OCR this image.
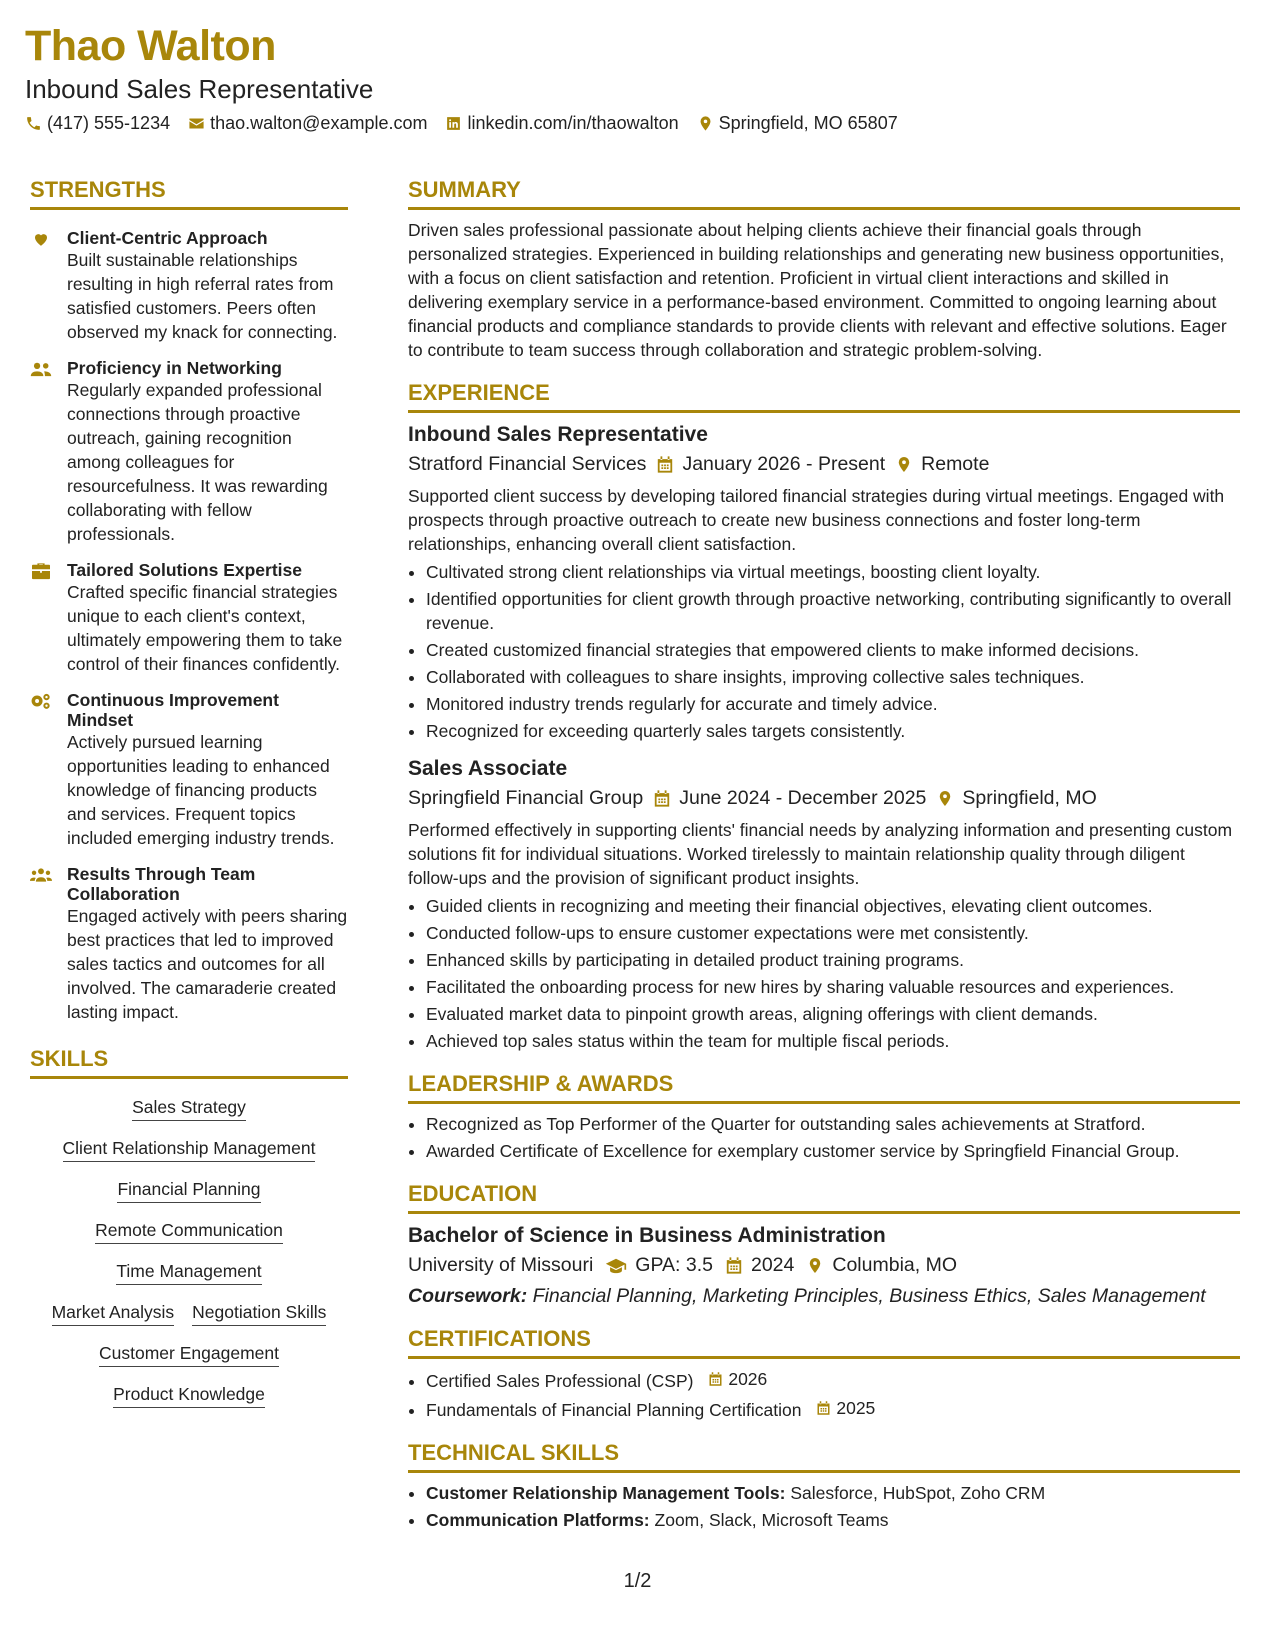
Thao Walton
Inbound Sales Representative
(417) 555-1234 thao.walton@example.com linkedin.com/in/thaowalton Springfield, MO 65807
STRENGTHS
Client-Centric Approach
Built sustainable relationships resulting in high referral rates from satisfied customers. Peers often observed my knack for connecting.
Proficiency in Networking
Regularly expanded professional connections through proactive outreach, gaining recognition among colleagues for resourcefulness. It was rewarding collaborating with fellow professionals.
Tailored Solutions Expertise
Crafted specific financial strategies unique to each client's context, ultimately empowering them to take control of their finances confidently.
Continuous Improvement Mindset
Actively pursued learning opportunities leading to enhanced knowledge of financing products and services. Frequent topics included emerging industry trends.
Results Through Team Collaboration
Engaged actively with peers sharing best practices that led to improved sales tactics and outcomes for all involved. The camaraderie created lasting impact.
SKILLS
Sales Strategy
Client Relationship Management
Financial Planning
Remote Communication
Time Management
Market Analysis Negotiation Skills
Customer Engagement
Product Knowledge
SUMMARY

Driven sales professional passionate about helping clients achieve their financial goals through personalized strategies. Experienced in building relationships and generating new business opportunities, with a focus on client satisfaction and retention. Proficient in virtual client interactions and skilled in delivering exemplary service in a performance-based environment. Committed to ongoing learning about financial products and compliance standards to provide clients with relevant and effective solutions. Eager to contribute to team success through collaboration and strategic problem-solving.

EXPERIENCE
Inbound Sales Representative
Stratford Financial Services January 2026 - Present Remote

Supported client success by developing tailored financial strategies during virtual meetings. Engaged with prospects through proactive outreach to create new business connections and foster long-term relationships, enhancing overall client satisfaction.

• Cultivated strong client relationships via virtual meetings, boosting client loyalty.
• Identified opportunities for client growth through proactive networking, contributing significantly to overall revenue.
• Created customized financial strategies that empowered clients to make informed decisions.
• Collaborated with colleagues to share insights, improving collective sales techniques.
• Monitored industry trends regularly for accurate and timely advice.
• Recognized for exceeding quarterly sales targets consistently.
Sales Associate
Springfield Financial Group June 2024 - December 2025 Springfield, MO

Performed effectively in supporting clients' financial needs by analyzing information and presenting custom solutions fit for individual situations. Worked tirelessly to maintain relationship quality through diligent follow-ups and the provision of significant product insights.

• Guided clients in recognizing and meeting their financial objectives, elevating client outcomes.
• Conducted follow-ups to ensure customer expectations were met consistently.
• Enhanced skills by participating in detailed product training programs.
• Facilitated the onboarding process for new hires by sharing valuable resources and experiences.
• Evaluated market data to pinpoint growth areas, aligning offerings with client demands.
• Achieved top sales status within the team for multiple fiscal periods.
LEADERSHIP & AWARDS
• Recognized as Top Performer of the Quarter for outstanding sales achievements at Stratford.
• Awarded Certificate of Excellence for exemplary customer service by Springfield Financial Group.
EDUCATION
Bachelor of Science in Business Administration
University of Missouri GPA: 3.5 2024 Columbia, MO
Coursework: Financial Planning, Marketing Principles, Business Ethics, Sales Management
CERTIFICATIONS
• Certified Sales Professional (CSP) 2026
• Fundamentals of Financial Planning Certification 2025
TECHNICAL SKILLS
• Customer Relationship Management Tools: Salesforce, HubSpot, Zoho CRM
• Communication Platforms: Zoom, Slack, Microsoft Teams
1/2
